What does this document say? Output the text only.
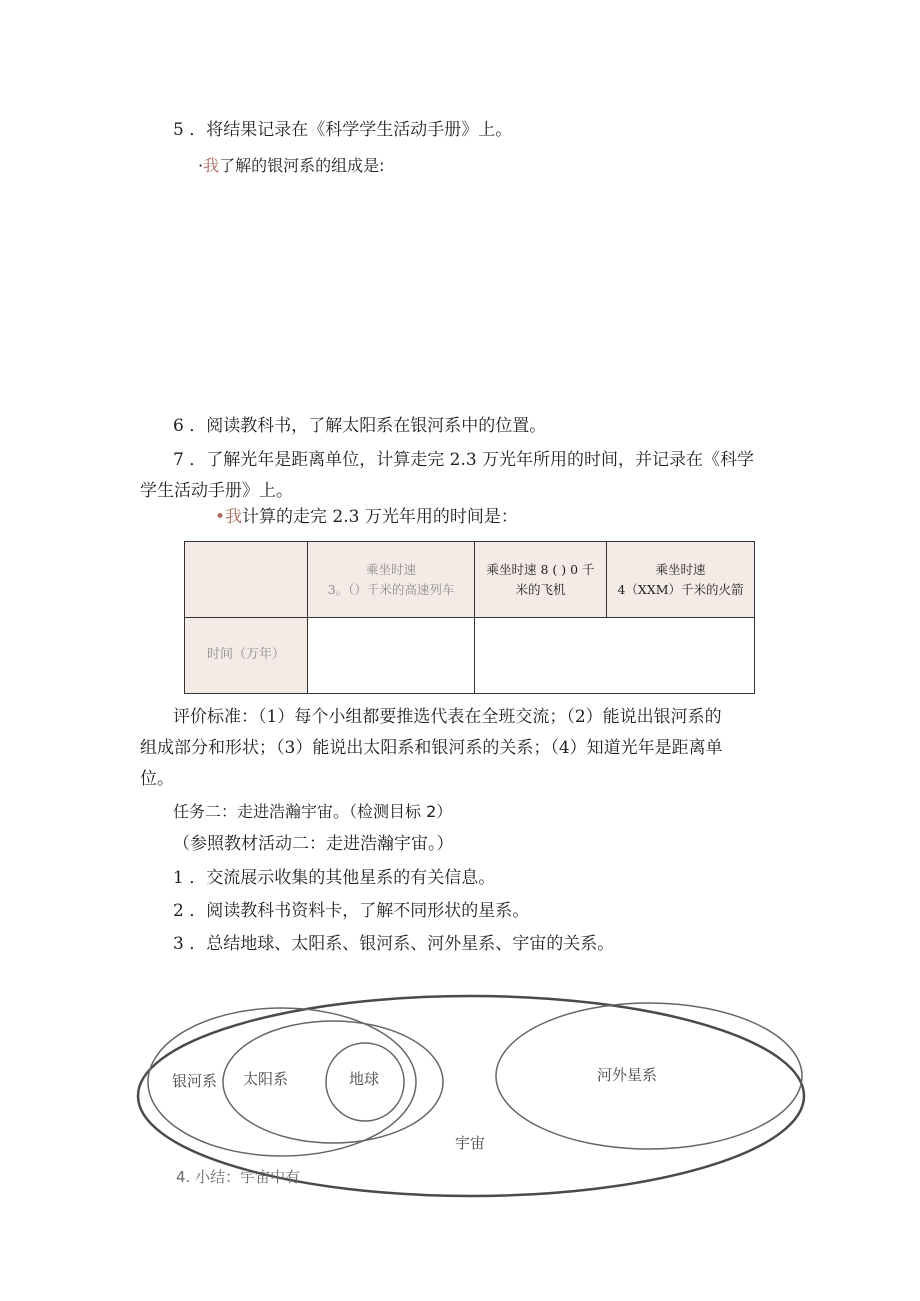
5 ．将结果记录在《科学学生活动手册》上。
·我了解的银河系的组成是:
6 ．阅读教科书，了解太阳系在银河系中的位置。
7 ．了解光年是距离单位，计算走完 2.3 万光年所用的时间，并记录在《科学
学生活动手册》上。
•我计算的走完 2.3 万光年用的时间是：
乘坐时速
3。（）千米的高速列车
乘坐时速 8 ( ) 0 千
米的飞机
乘坐时速
4（XXM）千米的火箭
时间（万年）
评价标准：（1）每个小组都要推选代表在全班交流；（2）能说出银河系的
组成部分和形状；（3）能说出太阳系和银河系的关系；（4）知道光年是距离单
位。
任务二：走进浩瀚宇宙。（检测目标 2）
（参照教材活动二：走进浩瀚宇宙。）
1 ．交流展示收集的其他星系的有关信息。
2 ．阅读教科书资料卡，了解不同形状的星系。
3 ．总结地球、太阳系、银河系、河外星系、宇宙的关系。
银河系 太阳系	地球	河外星系
宇宙
4. 小结：宇宙中有
